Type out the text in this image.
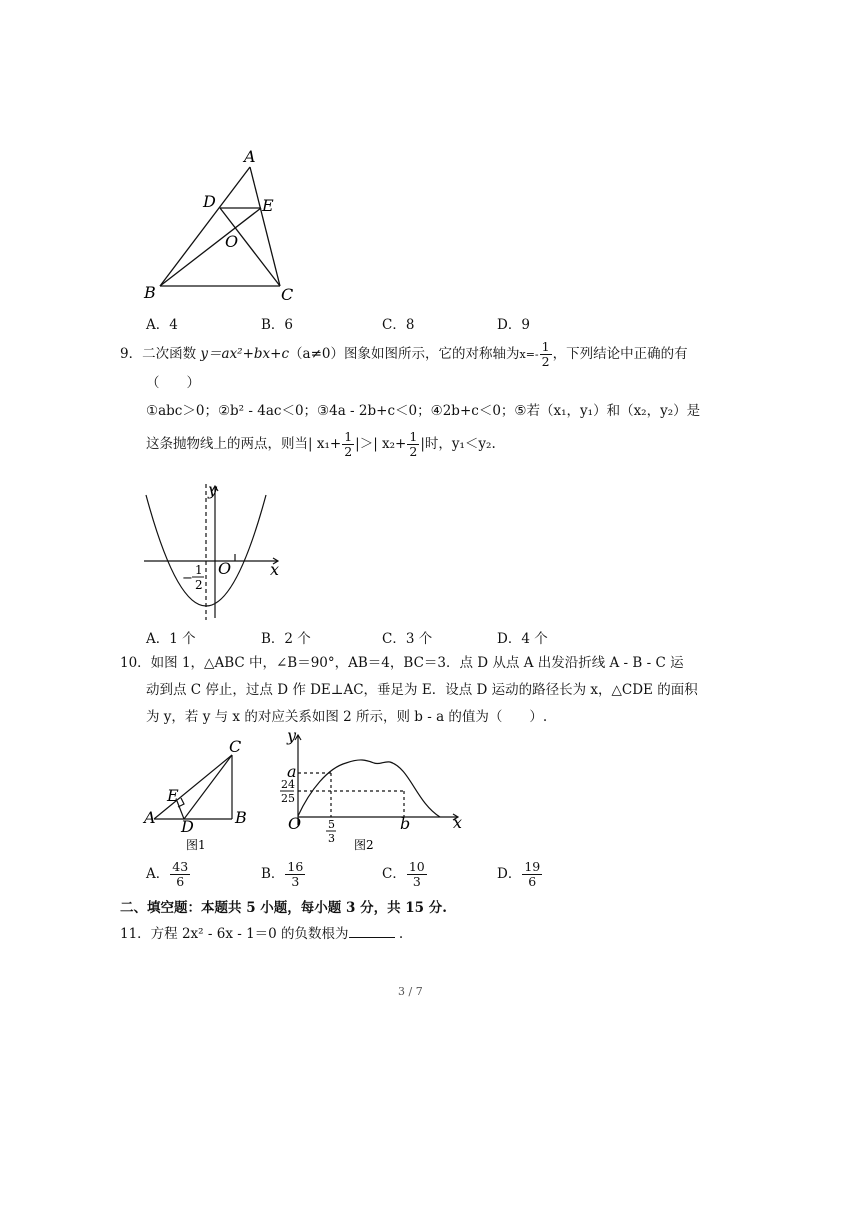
A
D	E
O
B	C
A．4	B．6	C．8	D．9
9．二次函数 y＝ax²+bx+c（a≠0）图象如图所示，它的对称轴为$x=- \frac{1}{2}$ ，下列结论中正确的有
（　　）
①abc＞0；②b² - 4ac＜0；③4a - 2b+c＜0；④2b+c＜0；⑤若（x₁，y₁）和（x₂，y₂）是
这条抛物线上的两点，则当| $x_1+ \frac{1}{2}$ |＞| $x_2+ \frac{1}{2}$ |时，y₁＜y₂.
y
x
O
−
1
2
A．1 个	B．2 个	C．3 个	D．4 个
10．如图 1，△ABC 中，∠B＝90°，AB＝4，BC＝3．点 D 从点 A 出发沿折线 A - B - C 运
动到点 C 停止，过点 D 作 DE⊥AC，垂足为 E．设点 D 运动的路径长为 x，△CDE 的面积
为 y，若 y 与 x 的对应关系如图 2 所示，则 b - a 的值为（　　）.
C
E
A D	B
图1
y
x
O
a
24
25
5
3
b
图2
A． $\frac{43}{6}$	B． $\frac{16}{3}$	C． $\frac{10}{3}$	D． $\frac{19}{6}$
二、填空题：本题共 5 小题，每小题 3 分，共 15 分.
11．方程 2x² - 6x - 1＝0 的负数根为	.
3 / 7
